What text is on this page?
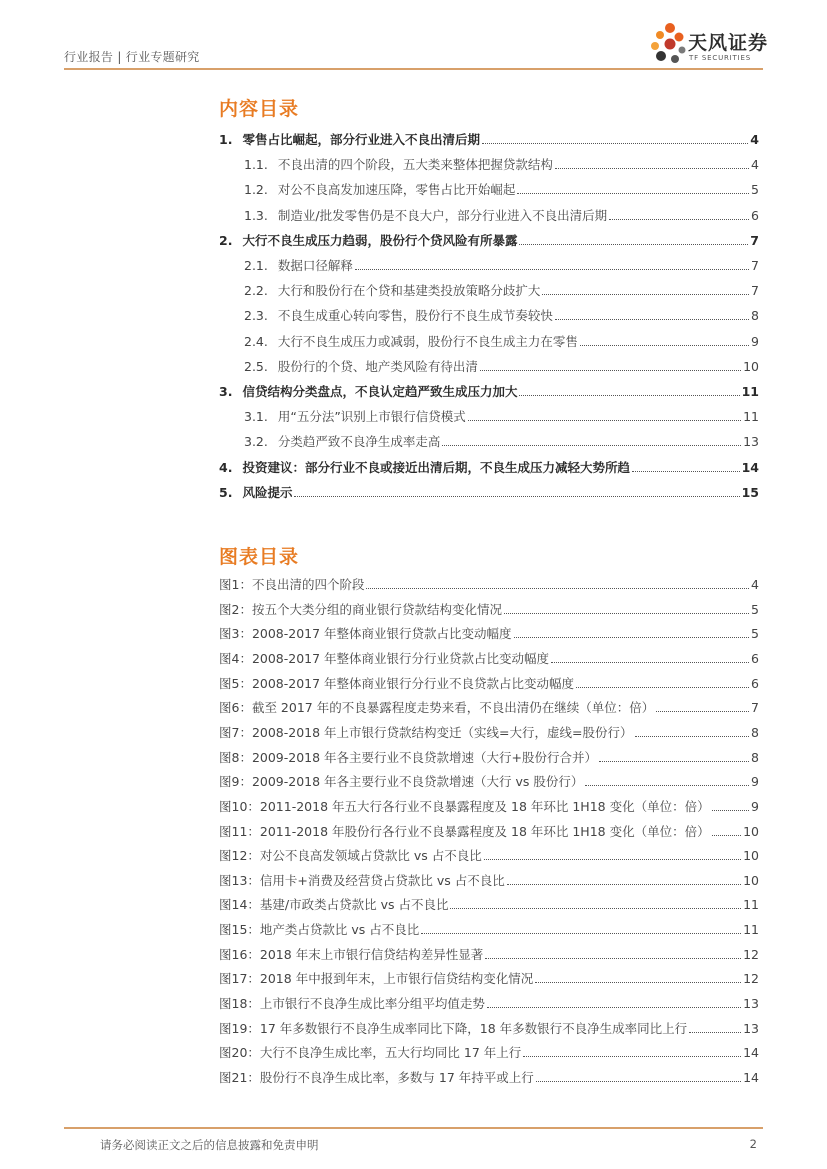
行业报告 | 行业专题研究
天风证券
TF SECURITIES
内容目录
1. 零售占比崛起，部分行业进入不良出清后期	4
1.1. 不良出清的四个阶段，五大类来整体把握贷款结构	4
1.2. 对公不良高发加速压降，零售占比开始崛起	5
1.3. 制造业/批发零售仍是不良大户，部分行业进入不良出清后期	6
2. 大行不良生成压力趋弱，股份行个贷风险有所暴露	7
2.1. 数据口径解释	7
2.2. 大行和股份行在个贷和基建类投放策略分歧扩大	7
2.3. 不良生成重心转向零售，股份行不良生成节奏较快	8
2.4. 大行不良生成压力或减弱，股份行不良生成主力在零售	9
2.5. 股份行的个贷、地产类风险有待出清	10
3. 信贷结构分类盘点，不良认定趋严致生成压力加大	11
3.1. 用“五分法”识别上市银行信贷模式	11
3.2. 分类趋严致不良净生成率走高	13
4. 投资建议：部分行业不良或接近出清后期，不良生成压力减轻大势所趋	14
5. 风险提示	15
图表目录
图1：不良出清的四个阶段	4
图2：按五个大类分组的商业银行贷款结构变化情况	5
图3：2008-2017 年整体商业银行贷款占比变动幅度	5
图4：2008-2017 年整体商业银行分行业贷款占比变动幅度	6
图5：2008-2017 年整体商业银行分行业不良贷款占比变动幅度	6
图6：截至 2017 年的不良暴露程度走势来看，不良出清仍在继续（单位：倍）	7
图7：2008-2018 年上市银行贷款结构变迁（实线=大行，虚线=股份行）	8
图8：2009-2018 年各主要行业不良贷款增速（大行+股份行合并）	8
图9：2009-2018 年各主要行业不良贷款增速（大行 vs 股份行）	9
图10：2011-2018 年五大行各行业不良暴露程度及 18 年环比 1H18 变化（单位：倍）	9
图11：2011-2018 年股份行各行业不良暴露程度及 18 年环比 1H18 变化（单位：倍）	10
图12：对公不良高发领域占贷款比 vs 占不良比	10
图13：信用卡+消费及经营贷占贷款比 vs 占不良比	10
图14：基建/市政类占贷款比 vs 占不良比	11
图15：地产类占贷款比 vs 占不良比	11
图16：2018 年末上市银行信贷结构差异性显著	12
图17：2018 年中报到年末，上市银行信贷结构变化情况	12
图18：上市银行不良净生成比率分组平均值走势	13
图19：17 年多数银行不良净生成率同比下降，18 年多数银行不良净生成率同比上行	13
图20：大行不良净生成比率，五大行均同比 17 年上行	14
图21：股份行不良净生成比率，多数与 17 年持平或上行	14
请务必阅读正文之后的信息披露和免责申明	2
